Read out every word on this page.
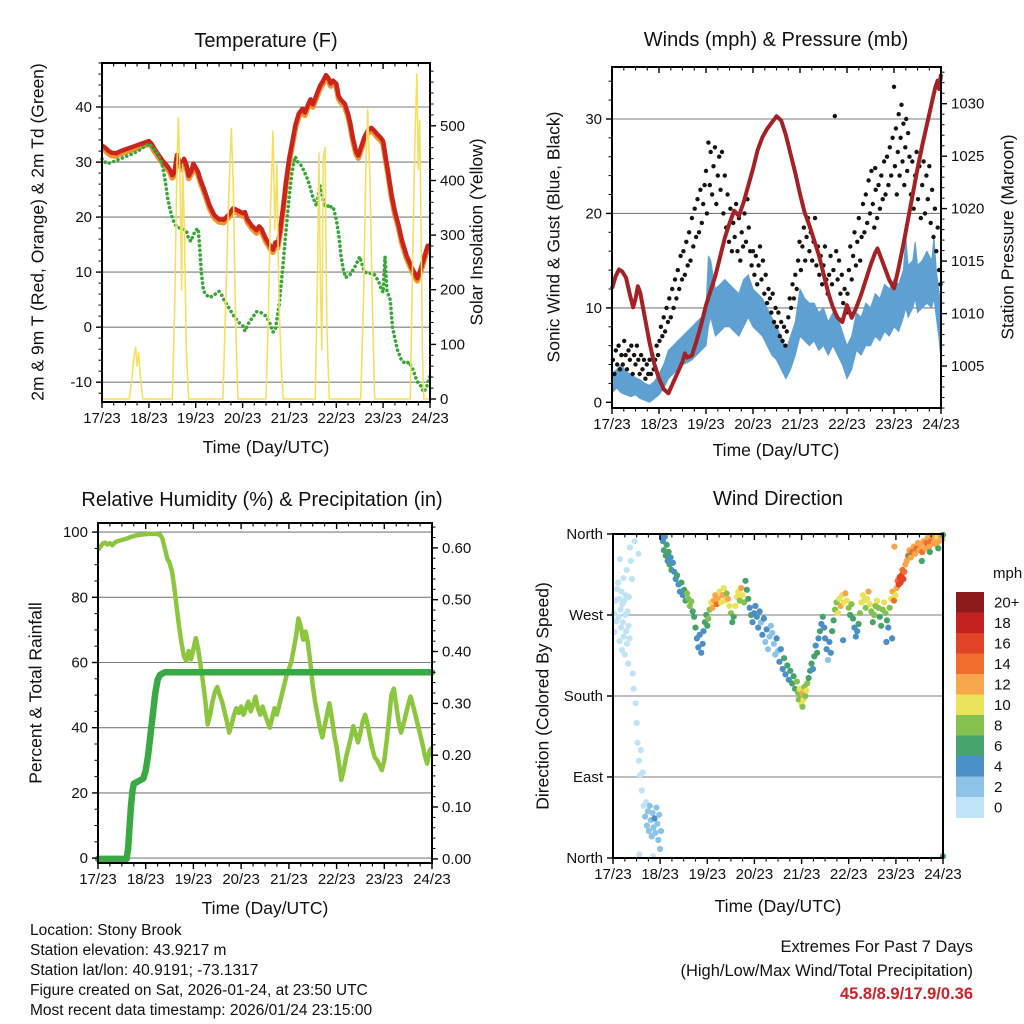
17/23 18/23 19/23 20/23 21/23 22/23 23/23 24/23
-10
0
10
20
30
40
0
100
200
300
400
500
17/23 18/23 19/23 20/23 21/23 22/23 23/23 24/23
0
10
20
30
1005
1010
1015
1020
1025
1030
17/23 18/23 19/23 20/23 21/23 22/23 23/23 24/23
0
20
40
60
80
100
0.00
0.10
0.20
0.30
0.40
0.50
0.60
17/23 18/23 19/23 20/23 21/23 22/23 23/23 24/23
North
East
South
West
North
20+
18
16
14
12
10
8
6
4
2
0
Temperature (F)	Winds (mph) & Pressure (mb)
Relative Humidity (%) & Precipitation (in)	Wind Direction
Time (Day/UTC)	Time (Day/UTC)
Time (Day/UTC)	Time (Day/UTC)
2m & 9m T (Red, Orange) & 2m Td (Green)	Solar Insolation (Yellow)	Sonic Wind & Gust (Blue, Black)	Station Pressure (Maroon)
Percent & Total Rainfall	Direction (Colored By Speed)
mph
Location: Stony Brook
Station elevation: 43.9217 m
Station lat/lon: 40.9191; -73.1317
Figure created on Sat, 2026-01-24, at 23:50 UTC
Most recent data timestamp: 2026/01/24 23:15:00
Extremes For Past 7 Days
(High/Low/Max Wind/Total Precipitation)
45.8/8.9/17.9/0.36
